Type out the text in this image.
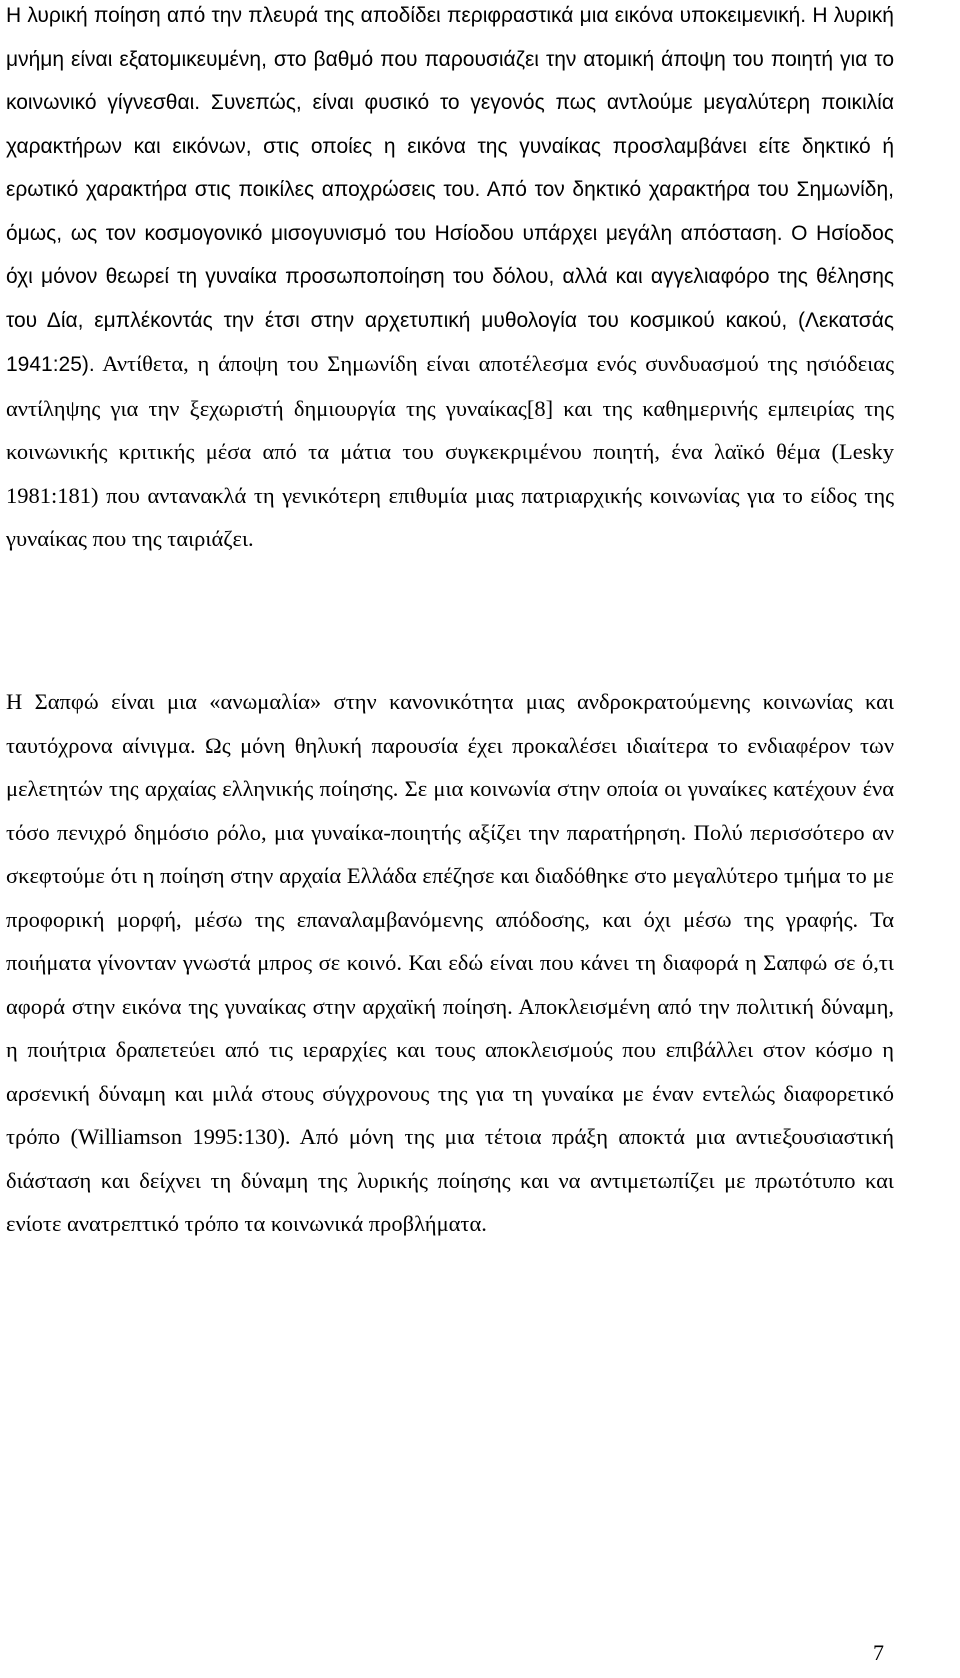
Η λυρική ποίηση από την πλευρά της αποδίδει περιφραστικά μια εικόνα υποκειμενική. Η λυρική μνήμη είναι εξατομικευμένη, στο βαθμό που παρουσιάζει την ατομική άποψη του ποιητή για το κοινωνικό γίγνεσθαι. Συνεπώς, είναι φυσικό το γεγονός πως αντλούμε μεγαλύτερη ποικιλία χαρακτήρων και εικόνων, στις οποίες η εικόνα της γυναίκας προσλαμβάνει είτε δηκτικό ή ερωτικό χαρακτήρα στις ποικίλες αποχρώσεις του. Από τον δηκτικό χαρακτήρα του Σημωνίδη, όμως, ως τον κοσμογονικό μισογυνισμό του Ησίοδου υπάρχει μεγάλη απόσταση. Ο Ησίοδος όχι μόνον θεωρεί τη γυναίκα προσωποποίηση του δόλου, αλλά και αγγελιαφόρο της θέλησης του Δία, εμπλέκοντάς την έτσι στην αρχετυπική μυθολογία του κοσμικού κακού, (Λεκατσάς 1941:25). Αντίθετα, η άποψη του Σημωνίδη είναι αποτέλεσμα ενός συνδυασμού της ησιόδειας αντίληψης για την ξεχωριστή δημιουργία της γυναίκας[8] και της καθημερινής εμπειρίας της κοινωνικής κριτικής μέσα από τα μάτια του συγκεκριμένου ποιητή, ένα λαϊκό θέμα (Lesky 1981:181) που αντανακλά τη γενικότερη επιθυμία μιας πατριαρχικής κοινωνίας για το είδος της γυναίκας που της ταιριάζει.

Η Σαπφώ είναι μια «ανωμαλία» στην κανονικότητα μιας ανδροκρατούμενης κοινωνίας και ταυτόχρονα αίνιγμα. Ως μόνη θηλυκή παρουσία έχει προκαλέσει ιδιαίτερα το ενδιαφέρον των μελετητών της αρχαίας ελληνικής ποίησης. Σε μια κοινωνία στην οποία οι γυναίκες κατέχουν ένα τόσο πενιχρό δημόσιο ρόλο, μια γυναίκα-ποιητής αξίζει την παρατήρηση. Πολύ περισσότερο αν σκεφτούμε ότι η ποίηση στην αρχαία Ελλάδα επέζησε και διαδόθηκε στο μεγαλύτερο τμήμα το με προφορική μορφή, μέσω της επαναλαμβανόμενης απόδοσης, και όχι μέσω της γραφής. Τα ποιήματα γίνονταν γνωστά μπρος σε κοινό. Και εδώ είναι που κάνει τη διαφορά η Σαπφώ σε ό,τι αφορά στην εικόνα της γυναίκας στην αρχαϊκή ποίηση. Αποκλεισμένη από την πολιτική δύναμη, η ποιήτρια δραπετεύει από τις ιεραρχίες και τους αποκλεισμούς που επιβάλλει στον κόσμο η αρσενική δύναμη και μιλά στους σύγχρονους της για τη γυναίκα με έναν εντελώς διαφορετικό τρόπο (Williamson 1995:130). Από μόνη της μια τέτοια πράξη αποκτά μια αντιεξουσιαστική διάσταση και δείχνει τη δύναμη της λυρικής ποίησης και να αντιμετωπίζει με πρωτότυπο και ενίοτε ανατρεπτικό τρόπο τα κοινωνικά προβλήματα.

7
